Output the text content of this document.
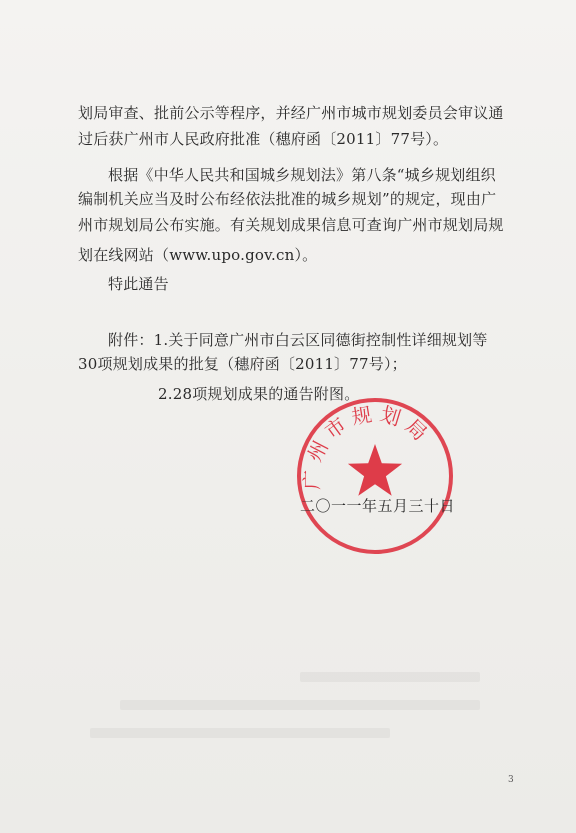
划局审查、批前公示等程序，并经广州市城市规划委员会审议通
过后获广州市人民政府批准（穗府函〔2011〕77号）。
根据《中华人民共和国城乡规划法》第八条“城乡规划组织
编制机关应当及时公布经依法批准的城乡规划”的规定，现由广
州市规划局公布实施。有关规划成果信息可查询广州市规划局规
划在线网站（www.upo.gov.cn）。
特此通告
附件：1.关于同意广州市白云区同德街控制性详细规划等
30项规划成果的批复（穗府函〔2011〕77号）；
2.28项规划成果的通告附图。
广州市规划局
二〇一一年五月三十日
3
